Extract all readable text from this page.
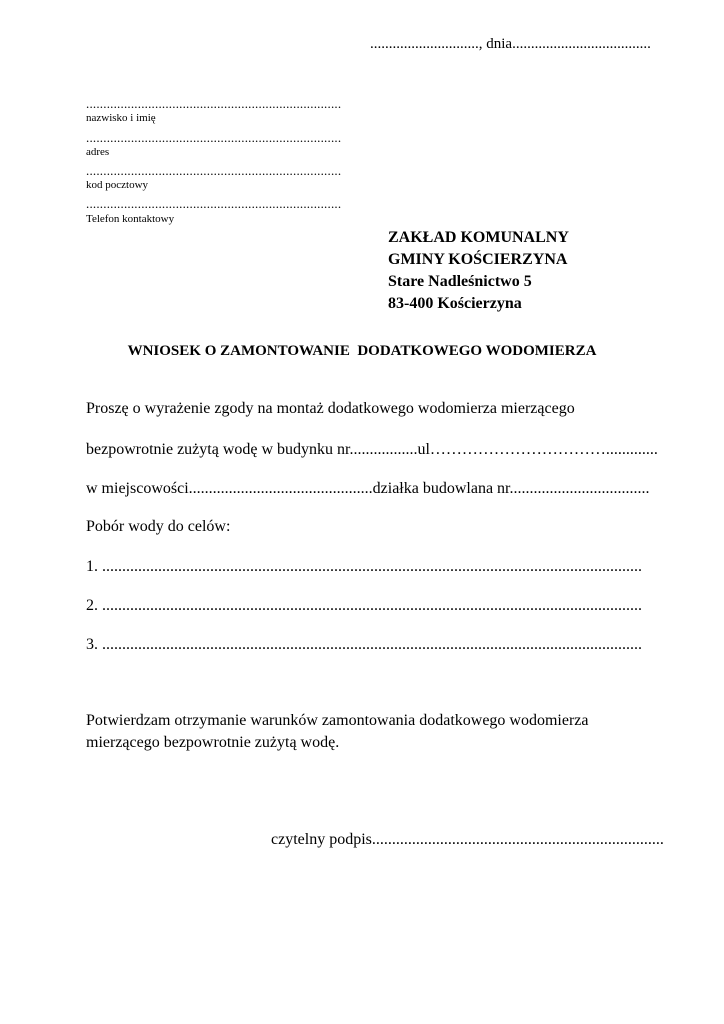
............................., dnia.....................................

..........................................................................

nazwisko i imię

..........................................................................

adres

..........................................................................

kod pocztowy

..........................................................................

Telefon kontaktowy

ZAKŁAD KOMUNALNY
GMINY KOŚCIERZYNA
Stare Nadleśnictwo 5
83-400 Kościerzyna

WNIOSEK O ZAMONTOWANIE  DODATKOWEGO WODOMIERZA

Proszę o wyrażenie zgody na montaż dodatkowego wodomierza mierzącego

bezpowrotnie zużytą wodę w budynku nr.................ul…………………………….............

w miejscowości..............................................działka budowlana nr...................................

Pobór wody do celów:

1. .......................................................................................................................................

2. .......................................................................................................................................

3. .......................................................................................................................................

Potwierdzam otrzymanie warunków zamontowania dodatkowego wodomierza

mierzącego bezpowrotnie zużytą wodę.

czytelny podpis.........................................................................
